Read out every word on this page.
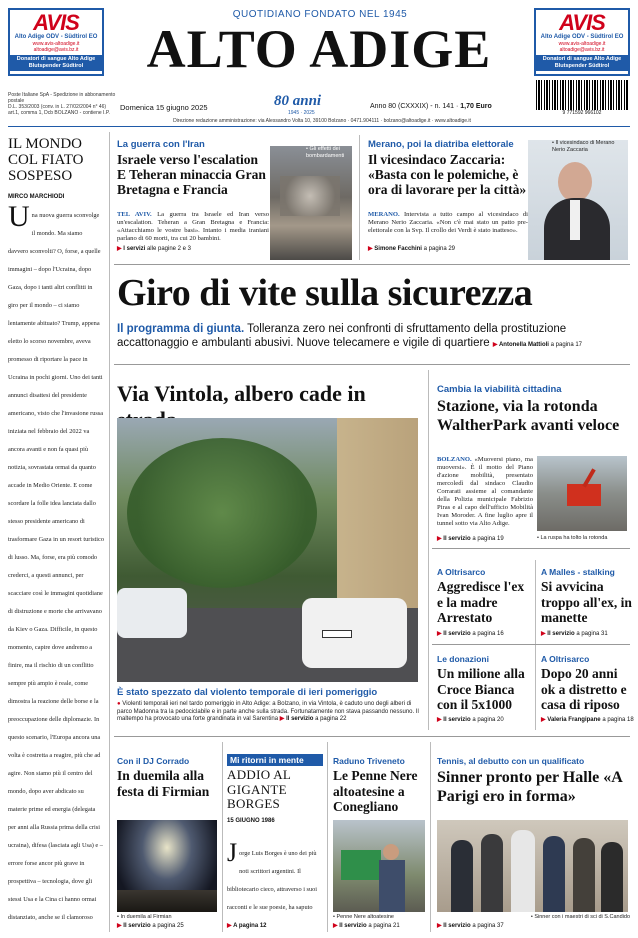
QUOTIDIANO FONDATO NEL 1945
ALTO ADIGE
AVIS
Alto Adige ODV - Südtirol EO
www.avis-altoadige.it
altoadige@avis.bz.it
Donatori di sangue Alto Adige
Blutspender Südtirol
AVIS
Alto Adige ODV - Südtirol EO
www.avis-altoadige.it
altoadige@avis.bz.it
Donatori di sangue Alto Adige
Blutspender Südtirol
Poste Italiane SpA - Spedizione in abbonamento postale
D.L. 353/2003 (conv. in L. 27/02/2004 n° 46)
art.1, comma 1, Dcb BOLZANO - contiene I.P.
Domenica 15 giugno 2025	80 anni
1945 · 2025
Anno 80 (CXXXIX) - n. 141 · 1,70 Euro
9 771592 966102
Direzione redazione amministrazione: via Alessandro Volta 10, 39100 Bolzano · 0471.904111 · bolzano@altoadige.it · www.altoadige.it
IL MONDO COL FIATO SOSPESO
MIRCO MARCHIODI
U na nuova guerra sconvolge il mondo. Ma siamo davvero sconvolti? O, forse, a quelle immagini – dopo l'Ucraina, dopo Gaza, dopo i tanti altri conflitti in giro per il mondo – ci siamo lentamente abituato? Trump, appena eletto lo scorso novembre, aveva promesso di riportare la pace in Ucraina in pochi giorni. Uno dei tanti annunci disattesi del presidente americano, visto che l'invasione russa iniziata nel febbraio del 2022 va ancora avanti e non fa quasi più notizia, sovrastata ormai da quanto accade in Medio Oriente. E come scordare la folle idea lanciata dallo stesso presidente americano di trasformare Gaza in un resort turistico di lusso. Ma, forse, era più comodo crederci, a questi annunci, per scacciare così le immagini quotidiane di distruzione e morte che arrivavano da Kiev o Gaza. Difficile, in questo momento, capire dove andremo a finire, ma il rischio di un conflitto sempre più ampio è reale, come dimostra la reazione delle borse e la preoccupazione delle diplomazie. In questo scenario, l'Europa ancora una volta è costretta a reagire, più che ad agire. Non siamo più il centro del mondo, dopo aver abdicato su materie prime ed energia (delegata per anni alla Russia prima della crisi ucraina), difesa (lasciata agli Usa) e – errore forse ancor più grave in prospettiva – tecnologia, dove gli stessi Usa e la Cina ci hanno ormai distanziato, anche se il clamoroso
La guerra con l'Iran
Israele verso l'escalation E Teheran minaccia Gran Bretagna e Francia
• Gli effetti dei bombardamenti
TEL AVIV. La guerra tra Israele ed Iran verso un'escalation. Teheran a Gran Bretagna e Francia: «Attacchiamo le vostre basi». Intanto i media iraniani parlano di 60 morti, tra cui 20 bambini.
▶ I servizi alle pagine 2 e 3
Merano, poi la diatriba elettorale
Il vicesindaco Zaccaria: «Basta con le polemiche, è ora di lavorare per la città»
• Il vicesindaco di Merano Nerio Zaccaria
MERANO. Intervista a tutto campo al vicesindaco di Merano Nerio Zaccaria. «Non c'è mai stato un patto pre-elettorale con la Svp. Il crollo dei Verdi è stato inatteso».
▶ Simone Facchini a pagina 29
Giro di vite sulla sicurezza
Il programma di giunta. Tolleranza zero nei confronti di sfruttamento della prostituzione accattonaggio e ambulanti abusivi. Nuove telecamere e vigile di quartiere ▶ Antonella Mattioli a pagina 17
Via Vintola, albero cade in
È stato spezzato dal violento temporale di ieri pomeriggio
● Violenti temporali ieri nel tardo pomeriggio in Alto Adige: a Bolzano, in via Vintola, è caduto uno degli alberi di parco Madonna tra la pedociclabile e in parte anche sulla strada. Fortunatamente non stava passando nessuno. Il maltempo ha provocato una forte grandinata in val Sarentina ▶ Il servizio a pagina 22
Cambia la viabilità cittadina
Stazione, via la rotonda WaltherPark avanti veloce
BOLZANO. «Muoversi piano, ma muoversi». È il motto del Piano d'azione mobilità, presentato mercoledì dal sindaco Claudio Corrarati assieme al comandante della Polizia municipale Fabrizio Piras e al capo dell'ufficio Mobilità Ivan Moroder. A fine luglio apre il tunnel sotto via Alto Adige.
• La ruspa ha tolto la rotonda
▶ Il servizio a pagina 19
A Oltrisarco
Aggredisce l'ex e la madre Arrestato
▶ Il servizio a pagina 16
A Malles - stalking
Si avvicina troppo all'ex, in manette
▶ Il servizio a pagina 31
Le donazioni
Un milione alla Croce Bianca con il 5x1000
▶ Il servizio a pagina 20
A Oltrisarco
Dopo 20 anni ok a distretto e casa di riposo
▶ Valeria Frangipane a pagina 18
Con il DJ Corrado
In duemila alla festa di Firmian
• In duemila al Firmian
▶ Il servizio a pagina 25
Mi ritorni in mente
ADDIO AL GIGANTE BORGES
15 GIUGNO 1986
J orge Luis Borges è uno dei più noti scrittori argentini. Il bibliotecario cieco, attraverso i suoi racconti e le sue poesie, ha saputo
▶ A pagina 12
Raduno Triveneto
Le Penne Nere altoatesine a Conegliano
• Penne Nere altoatesine
▶ Il servizio a pagina 21
Tennis, al debutto con un qualificato
Sinner pronto per Halle «A Parigi ero in forma»
• Sinner con i maestri di sci di S.Candido
▶ Il servizio a pagina 37
